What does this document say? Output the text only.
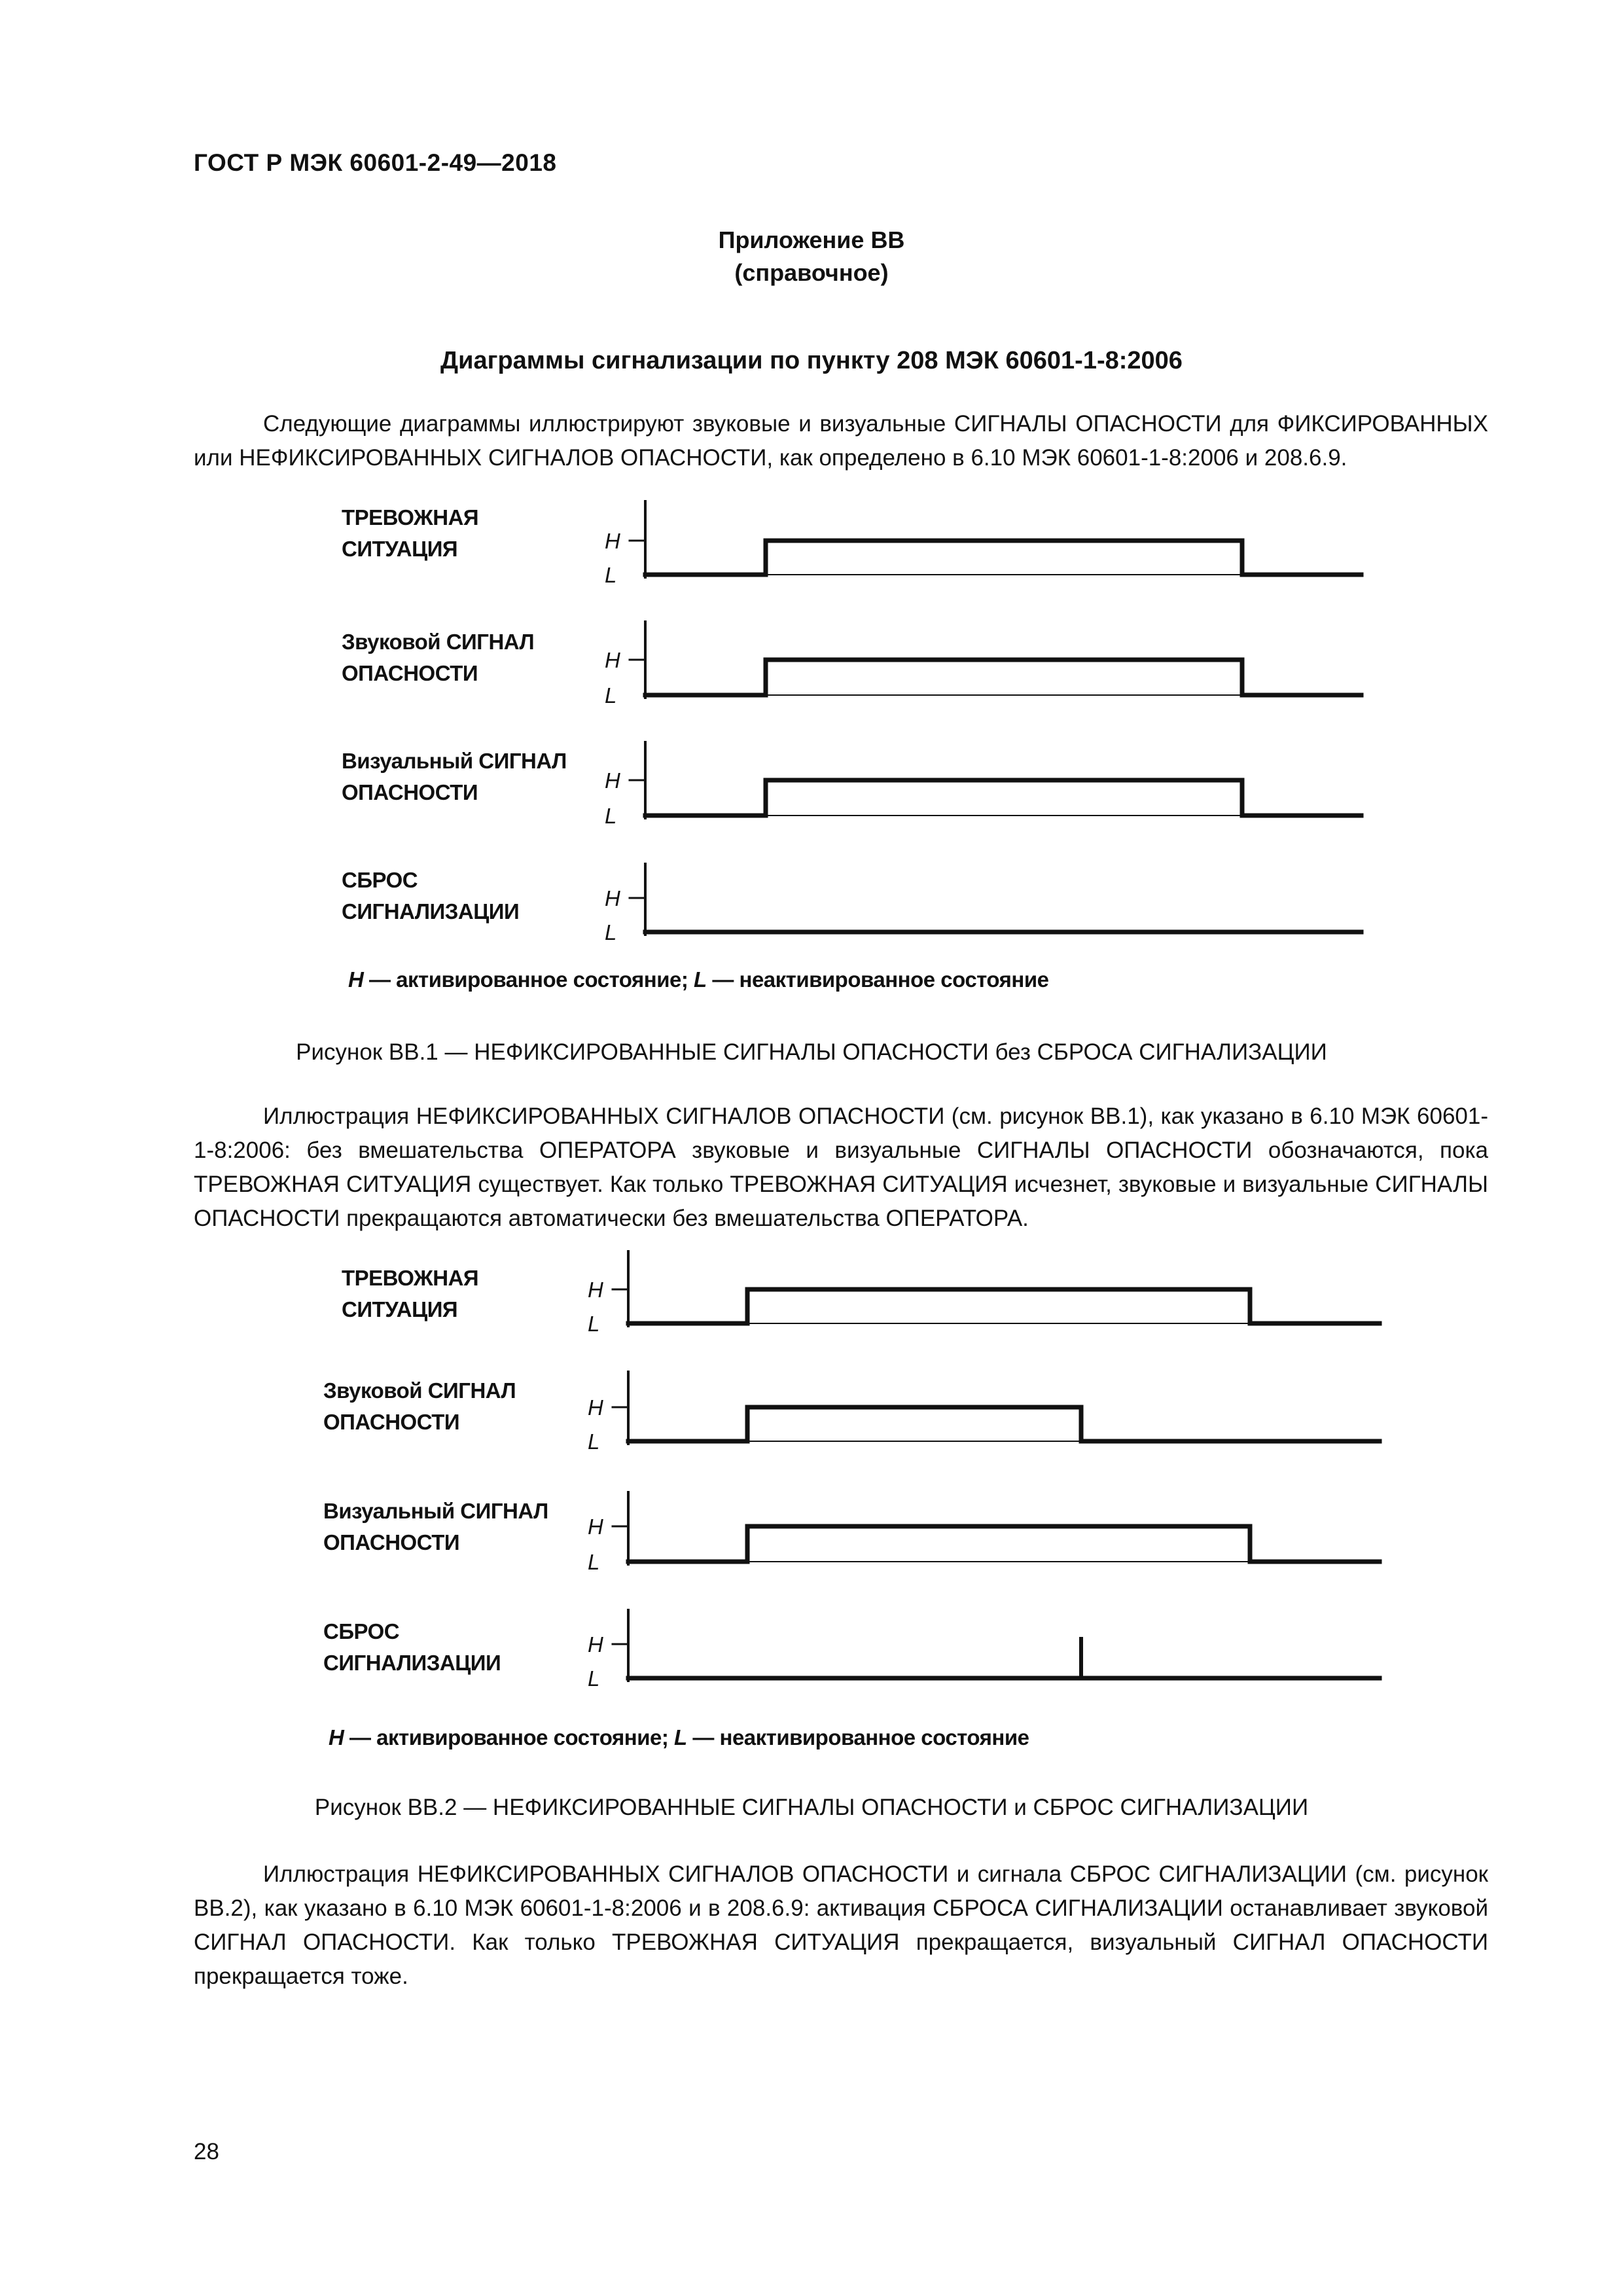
ГОСТ Р МЭК 60601-2-49—2018
Приложение BB
(справочное)
Диаграммы сигнализации по пункту 208 МЭК 60601-1-8:2006
Следующие диаграммы иллюстрируют звуковые и визуальные СИГНАЛЫ ОПАСНОСТИ для ФИКСИРОВАННЫХ или НЕФИКСИРОВАННЫХ СИГНАЛОВ ОПАСНОСТИ, как определено в 6.10 МЭК 60601-1-8:2006 и 208.6.9.
ТРЕВОЖНАЯ
СИТУАЦИЯ	H
L
Звуковой СИГНАЛ
ОПАСНОСТИ
H
L
Визуальный СИГНАЛ
ОПАСНОСТИ	H
L
СБРОС
СИГНАЛИЗАЦИИ
H
L
H — активированное состояние; L — неактивированное состояние
Рисунок BB.1 — НЕФИКСИРОВАННЫЕ СИГНАЛЫ ОПАСНОСТИ без СБРОСА СИГНАЛИЗАЦИИ
Иллюстрация НЕФИКСИРОВАННЫХ СИГНАЛОВ ОПАСНОСТИ (см. рисунок BB.1), как указано в 6.10 МЭК 60601-1-8:2006: без вмешательства ОПЕРАТОРА звуковые и визуальные СИГНАЛЫ ОПАСНОСТИ обозначаются, пока ТРЕВОЖНАЯ СИТУАЦИЯ существует. Как только ТРЕВОЖНАЯ СИТУАЦИЯ исчезнет, звуковые и визуальные СИГНАЛЫ ОПАСНОСТИ прекращаются автоматически без вмешательства ОПЕРАТОРА.
ТРЕВОЖНАЯ
СИТУАЦИЯ
H
L
Звуковой СИГНАЛ
ОПАСНОСТИ
H
L
Визуальный СИГНАЛ
ОПАСНОСТИ
H
L
СБРОС
СИГНАЛИЗАЦИИ
H
L
H — активированное состояние; L — неактивированное состояние
Рисунок BB.2 — НЕФИКСИРОВАННЫЕ СИГНАЛЫ ОПАСНОСТИ и СБРОС СИГНАЛИЗАЦИИ
Иллюстрация НЕФИКСИРОВАННЫХ СИГНАЛОВ ОПАСНОСТИ и сигнала СБРОС СИГНАЛИЗАЦИИ (см. рисунок BB.2), как указано в 6.10 МЭК 60601-1-8:2006 и в 208.6.9: активация СБРОСА СИГНАЛИЗАЦИИ останавливает звуковой СИГНАЛ ОПАСНОСТИ. Как только ТРЕВОЖНАЯ СИТУАЦИЯ прекращается, визуальный СИГНАЛ ОПАСНОСТИ прекращается тоже.
28
